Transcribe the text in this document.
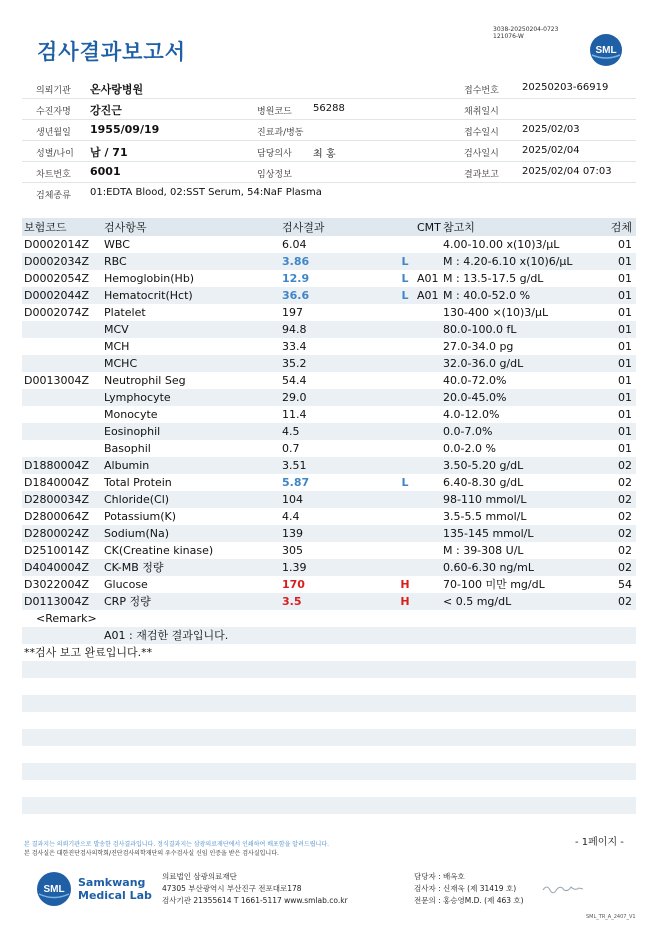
검사결과보고서
3038-20250204-0723
121076-W
SML
의뢰기관 온사랑병원	접수번호 20250203-66919
수진자명 강진근	병원코드 56288	채취일시
생년월일 1955/09/19	진료과/병동	접수일시 2025/02/03
성별/나이 남 / 71	담당의사 최 홍	검사일시 2025/02/04
차트번호 6001	임상정보	결과보고 2025/02/04 07:03
검체종류 01:EDTA Blood, 02:SST Serum, 54:NaF Plasma
보험코드	검사항목	검사결과		CMT	참고치	검체
D0002014Z	WBC	6.04			4.00-10.00 x(10)3/μL	01
D0002034Z	RBC	3.86	L		M : 4.20-6.10 x(10)6/μL	01
D0002054Z	Hemoglobin(Hb)	12.9	L	A01	M : 13.5-17.5 g/dL	01
D0002044Z	Hematocrit(Hct)	36.6	L	A01	M : 40.0-52.0 %	01
D0002074Z	Platelet	197			130-400 ×(10)3/μL	01
	MCV	94.8			80.0-100.0 fL	01
	MCH	33.4			27.0-34.0 pg	01
	MCHC	35.2			32.0-36.0 g/dL	01
D0013004Z	Neutrophil Seg	54.4			40.0-72.0%	01
	Lymphocyte	29.0			20.0-45.0%	01
	Monocyte	11.4			4.0-12.0%	01
	Eosinophil	4.5			0.0-7.0%	01
	Basophil	0.7			0.0-2.0 %	01
D1880004Z	Albumin	3.51			3.50-5.20 g/dL	02
D1840004Z	Total Protein	5.87	L		6.40-8.30 g/dL	02
D2800034Z	Chloride(Cl)	104			98-110 mmol/L	02
D2800064Z	Potassium(K)	4.4			3.5-5.5 mmol/L	02
D2800024Z	Sodium(Na)	139			135-145 mmol/L	02
D2510014Z	CK(Creatine kinase)	305			M : 39-308 U/L	02
D4040004Z	CK-MB 정량	1.39			0.60-6.30 ng/mL	02
D3022004Z	Glucose	170	H		70-100 미만 mg/dL	54
D0113004Z	CRP 정량	3.5	H		< 0.5 mg/dL	02
<Remark>
A01 : 재검한 결과입니다.
**검사 보고 완료입니다.**
- 1페이지 -
본 결과지는 의뢰기관으로 발송한 검사결과입니다. 정식결과지는 삼광의료재단에서 인쇄하여 배포함을 알려드립니다.
본 검사실은 대한진단검사의학회/진단검사의학재단의 우수검사실 신임 인증을 받은 검사실입니다.
SML
Samkwang
Medical Lab
의료법인 삼광의료재단
47305 부산광역시 부산진구 전포대로178
검사기관 21355614 T 1661-5117 www.smlab.co.kr
담당자 : 배옥호
검사자 : 신재욱 (제 31419 호)
전문의 : 홍승영M.D. (제 463 호)
SML_TR_A_2407_V1
